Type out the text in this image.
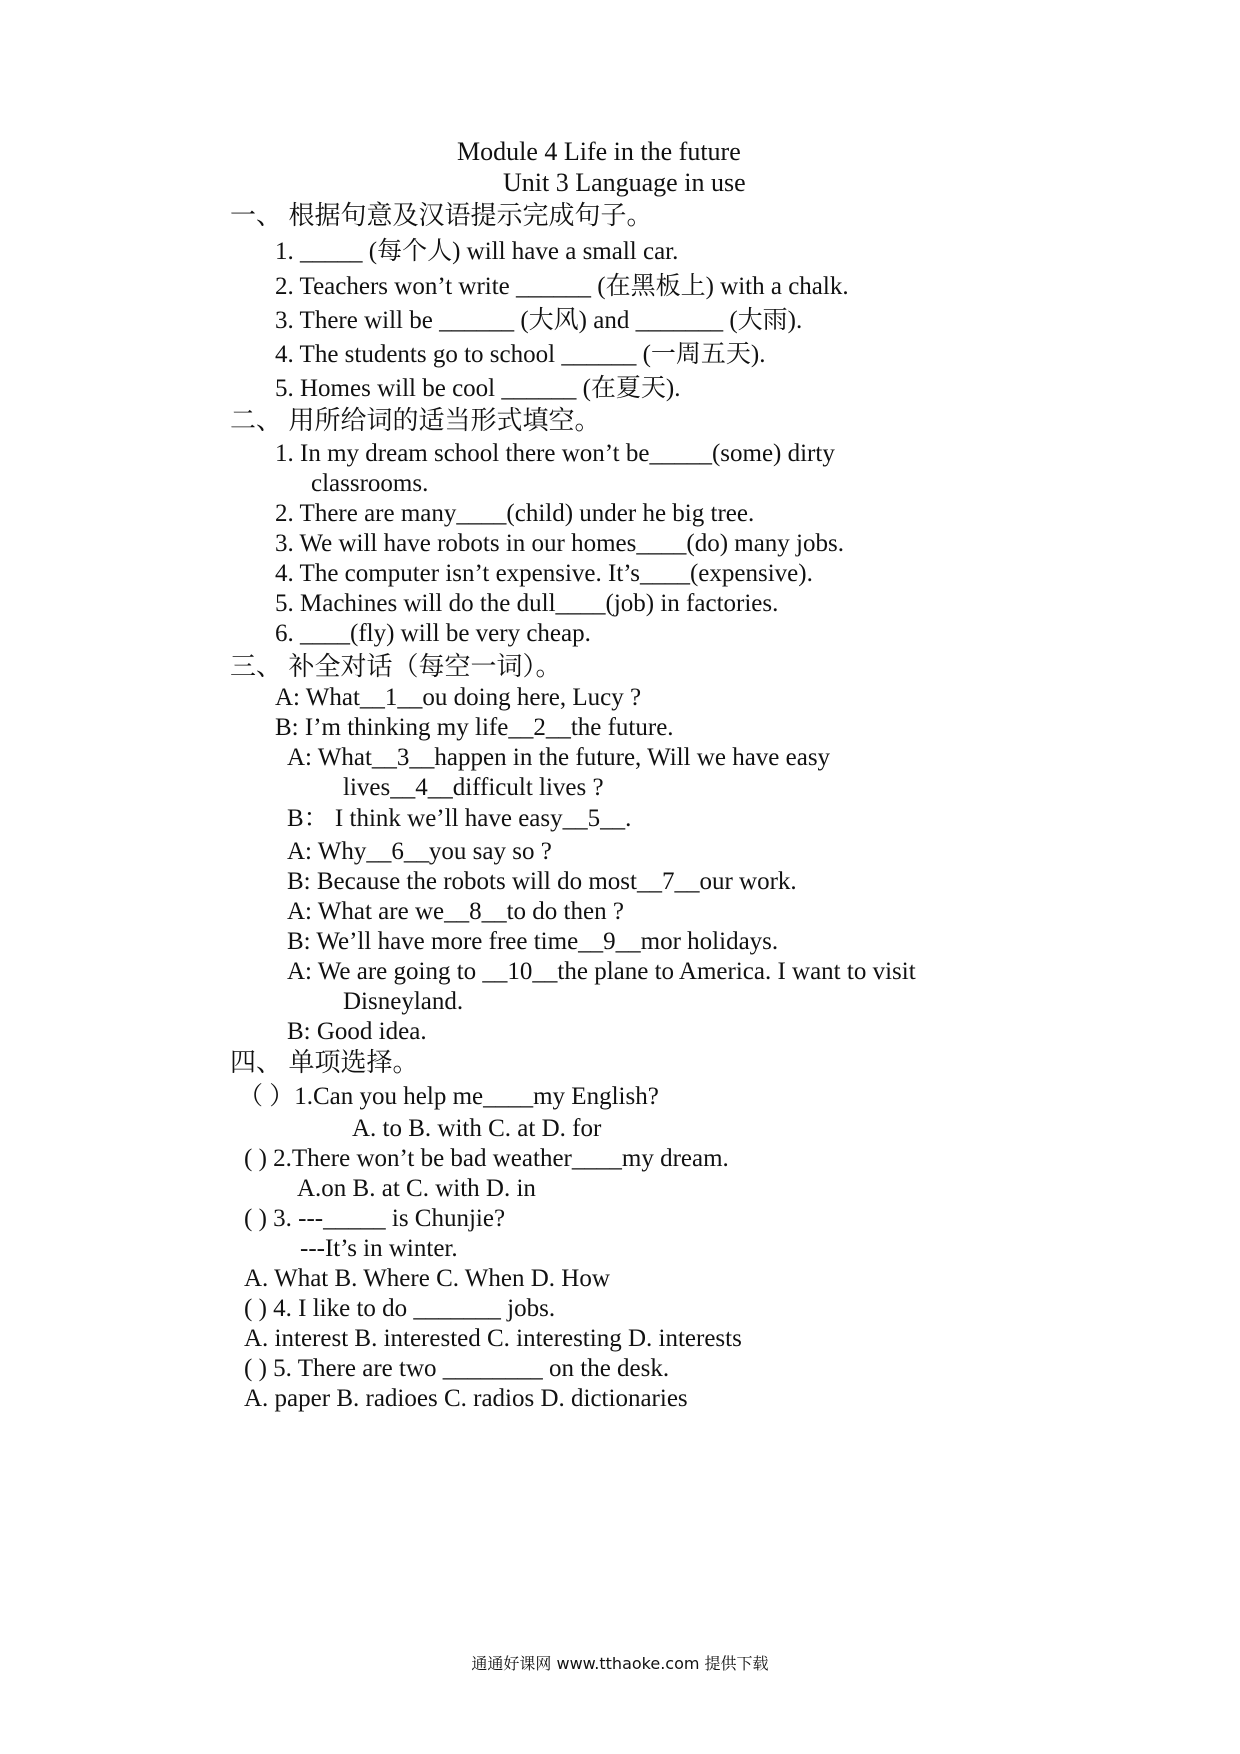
Module 4 Life in the future
Unit 3 Language in use
一、 根据句意及汉语提示完成句子。
1. _____ (每个人) will have a small car.
2. Teachers won’t write ______ (在黑板上) with a chalk.
3. There will be ______ (大风) and _______ (大雨).
4. The students go to school ______ (一周五天).
5. Homes will be cool ______ (在夏天).
二、 用所给词的适当形式填空。
1. In my dream school there won’t be_____(some) dirty
classrooms.
2. There are many____(child) under he big tree.
3. We will have robots in our homes____(do) many jobs.
4. The computer isn’t expensive. It’s____(expensive).
5. Machines will do the dull____(job) in factories.
6. ____(fly) will be very cheap.
三、 补全对话（每空一词）。
A: What__1__ou doing here, Lucy ?
B: I’m thinking my life__2__the future.
A: What__3__happen in the future, Will we have easy
lives__4__difficult lives ?
B： I think we’ll have easy__5__.
A: Why__6__you say so ?
B: Because the robots will do most__7__our work.
A: What are we__8__to do then ?
B: We’ll have more free time__9__mor holidays.
A: We are going to __10__the plane to America. I want to visit
Disneyland.
B: Good idea.
四、 单项选择。
（ ）1.Can you help me____my English?
A. to B. with C. at D. for
( ) 2.There won’t be bad weather____my dream.
A.on B. at C. with D. in
( ) 3. ---_____ is Chunjie?
---It’s in winter.
A. What B. Where C. When D. How
( ) 4. I like to do _______ jobs.
A. interest B. interested C. interesting D. interests
( ) 5. There are two ________ on the desk.
A. paper B. radioes C. radios D. dictionaries
通通好课网 www.tthaoke.com 提供下载
